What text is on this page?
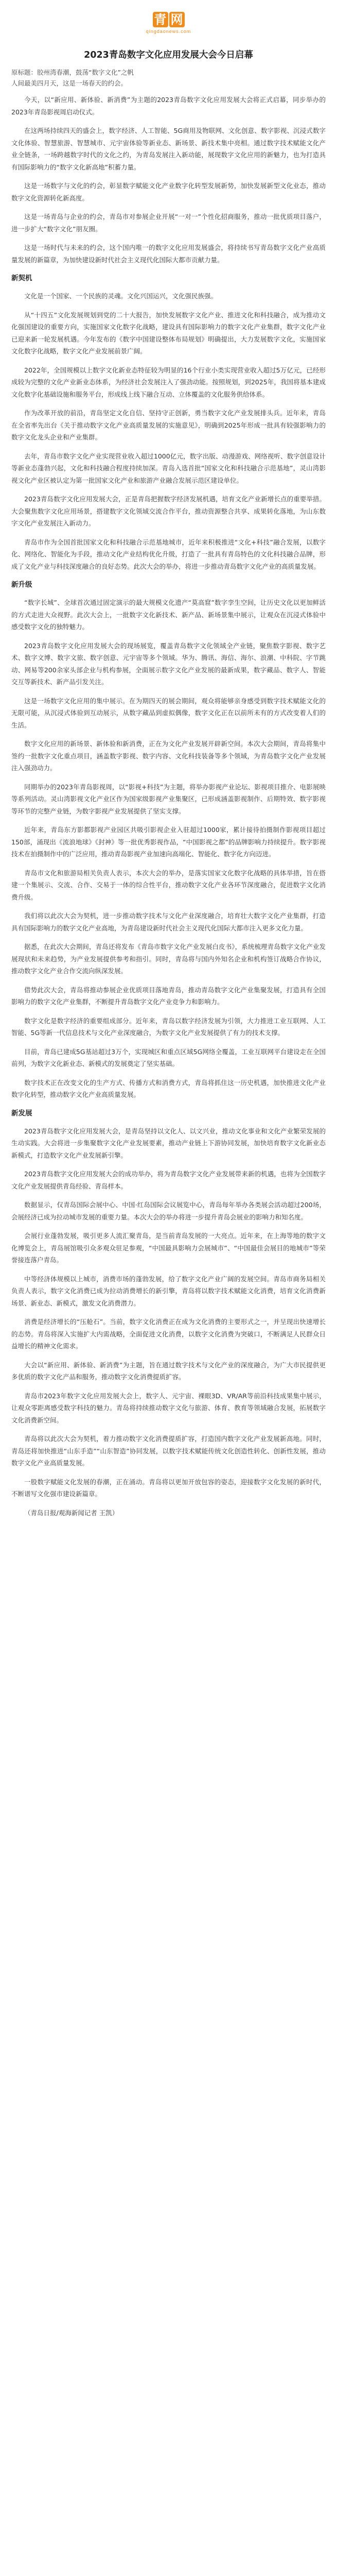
青 网
qingdaonews.com
2023青岛数字文化应用发展大会今日启幕
原标题：胶州湾春潮，鼓荡“数字文化”之帆
人间最美四月天，这是一场春天的约会。

今天，以“新应用、新体验、新消费”为主题的2023青岛数字文化应用发展大会将正式启幕，同步举办的2023年青岛影视周启动仪式。

在这两场持续四天的盛会上，数字经济、人工智能、5G商用及物联网、文化创意、数字影视、沉浸式数字文化体验、智慧旅游、智慧城市、元宇宙体验等新业态、新场景、新技术集中亮相。通过数字技术赋能文化产业全链条，一场跨越数字时代的文化之约，为青岛发展注入新动能，展现数字文化应用的新魅力，也为打造具有国际影响力的“数字文化新高地”积蓄力量。

这是一场数字与文化的约会，彰显数字赋能文化产业数字化转型发展新势，加快发展新型文化业态，推动数字文化资源转化新高度。

这是一场青岛与企业的约会，青岛市对参展企业开展“一对一”个性化招商服务，推动一批优质项目落户，进一步扩大“数字文化”朋友圈。

这是一场时代与未来的约会，这个国内唯一的数字文化应用发展盛会，将持续书写青岛数字文化产业高质量发展的新篇章，为加快建设新时代社会主义现代化国际大都市贡献力量。

新契机

文化是一个国家、一个民族的灵魂。文化兴国运兴，文化强民族强。

从“十四五”文化发展规划到党的二十大报告，加快发展数字文化产业、推进文化和科技融合，成为推动文化强国建设的重要方向，实施国家文化数字化战略，建设具有国际影响力的数字文化产业集群，数字文化产业已迎来新一轮发展机遇。今年发布的《数字中国建设整体布局规划》明确提出，大力发展数字文化，实施国家文化数字化战略，数字文化产业发展前景广阔。

2022年，全国规模以上数字文化新业态特征较为明显的16个行业小类实现营业收入超过5万亿元，已经形成较为完整的文化产业新业态体系，为经济社会发展注入了强劲动能。按照规划，到2025年，我国将基本建成文化数字化基础设施和服务平台，形成线上线下融合互动、立体覆盖的文化服务供给体系。

作为改革开放的前沿，青岛坚定文化自信、坚持守正创新，勇当数字文化产业发展排头兵。近年来，青岛在全省率先出台《关于推动数字文化产业高质量发展的实施意见》，明确到2025年形成一批具有较强影响力的数字文化龙头企业和产业集群。

去年，青岛市数字文化产业实现营业收入超过1000亿元，数字出版、动漫游戏、网络视听、数字创意设计等新业态蓬勃兴起，文化和科技融合程度持续加深。青岛入选首批“国家文化和科技融合示范基地”，灵山湾影视文化产业区被认定为第一批国家文化产业和旅游产业融合发展示范区建设单位。

2023青岛数字文化应用发展大会，正是青岛把握数字经济发展机遇，培育文化产业新增长点的重要举措。大会聚焦数字文化应用场景，搭建数字文化领域交流合作平台，推动资源整合共享、成果转化落地，为山东数字文化产业发展注入新动力。

青岛市作为全国首批国家文化和科技融合示范基地城市，近年来积极推进“文化+科技”融合发展，以数字化、网络化、智能化为手段，推动文化产业结构优化升级，打造了一批具有青岛特色的文化科技融合品牌，形成了文化产业与科技深度融合的良好态势。此次大会的举办，将进一步推动青岛数字文化产业的高质量发展。

新升级

“数字长城”、全球首次通过固定演示的最大规模文化遗产“莫高窟”数字孪生空间，让历史文化以更加鲜活的方式走进大众视野。此次大会上，一批数字文化新技术、新产品、新场景集中展示，让观众在沉浸式体验中感受数字文化的独特魅力。

2023青岛数字文化应用发展大会的现场展览，覆盖青岛数字文化领域全产业链，聚焦数字影视、数字艺术、数字文博、数字文旅、数字创意、元宇宙等多个领域。华为、腾讯、海信、海尔、浪潮、中科院、字节跳动、网易等200余家头部企业与机构参展，全面展示数字文化产业发展的最新成果，数字藏品、数字人、智能交互等新技术、新产品引发关注。

这是一场数字文化应用的集中展示。在为期四天的展会期间，观众将能够亲身感受到数字技术赋能文化的无限可能，从沉浸式体验到互动展示，从数字藏品到虚拟偶像，数字文化正在以前所未有的方式改变着人们的生活。

数字文化应用的新场景、新体验和新消费，正在为文化产业发展开辟新空间。本次大会期间，青岛将集中签约一批数字文化重点项目，涵盖数字影视、数字内容、文化科技装备等多个领域，为青岛数字文化产业发展注入强劲动力。

同期举办的2023年青岛影视周，以“影视+科技”为主题，将举办影视产业论坛、影视项目推介、电影展映等系列活动。灵山湾影视文化产业区作为国家级影视产业集聚区，已形成涵盖影视制作、后期特效、数字影视等环节的完整产业链，为数字影视产业发展提供了坚实支撑。

近年来，青岛东方影都影视产业园区共吸引影视企业入驻超过1000家，累计接待拍摄制作影视项目超过150部，涌现出《流浪地球》《封神》等一批优秀影视作品，“中国影视之都”的品牌影响力持续提升。数字影视技术在拍摄制作中的广泛应用，推动青岛影视产业加速向高端化、智能化、数字化方向迈进。

青岛市文化和旅游局相关负责人表示，本次大会的举办，是落实国家文化数字化战略的具体举措，旨在搭建一个集展示、交流、合作、交易于一体的综合性平台，推动数字文化产业各环节深度融合，促进数字文化消费升级。

我们将以此次大会为契机，进一步推动数字技术与文化产业深度融合，培育壮大数字文化产业集群，打造具有国际影响力的数字文化产业高地，为青岛建设新时代社会主义现代化国际大都市注入更多文化力量。

据悉，在此次大会期间，青岛还将发布《青岛市数字文化产业发展白皮书》，系统梳理青岛数字文化产业发展现状和未来趋势，为产业发展提供参考和指引。同时，青岛将与国内外知名企业和机构签订战略合作协议，推动数字文化产业合作交流向纵深发展。

借势此次大会，青岛将推动参展企业优质项目落地青岛，推动青岛数字文化产业集聚发展，打造具有全国影响力的数字文化产业集群，不断提升青岛数字文化产业竞争力和影响力。

数字文化是数字经济的重要组成部分。近年来，青岛以数字经济发展为引领，大力推进工业互联网、人工智能、5G等新一代信息技术与文化产业深度融合，为数字文化产业发展提供了有力的技术支撑。

目前，青岛已建成5G基站超过3万个，实现城区和重点区域5G网络全覆盖，工业互联网平台建设走在全国前列，为数字文化新业态、新模式的发展奠定了坚实基础。

数字技术正在改变文化的生产方式、传播方式和消费方式，青岛将抓住这一历史机遇，加快推进文化产业数字化转型，推动数字文化产业高质量发展。

新发展

2023青岛数字文化应用发展大会，是青岛坚持以文化人、以文兴业，推动文化事业和文化产业繁荣发展的生动实践。大会将进一步集聚数字文化产业发展要素，推动产业链上下游协同发展，加快培育数字文化新业态新模式，打造数字文化产业发展新引擎。

2023青岛数字文化应用发展大会的成功举办，将为青岛数字文化产业发展带来新的机遇，也将为全国数字文化产业发展提供青岛经验、青岛样本。

数据显示，仅青岛国际会展中心、中国·红岛国际会议展览中心，青岛每年举办各类展会活动超过200场，会展经济已成为拉动城市发展的重要力量。本次大会的举办将进一步提升青岛会展业的影响力和知名度。

会展行业蓬勃发展，吸引更多人流汇聚青岛，是当前青岛发展的一大亮点。近年来，在上海等地的数字文化博览会上，青岛展馆吸引众多观众驻足参观，“中国最具影响力会展城市”、“中国最佳会展目的地城市”等荣誉接连落户青岛。

中等经济体规模以上城市，消费市场的蓬勃发展，给了数字文化产业广阔的发展空间。青岛市商务局相关负责人表示，数字文化消费已成为拉动消费增长的新引擎，青岛将以数字技术赋能文化消费，培育文化消费新场景、新业态、新模式，激发文化消费潜力。

消费是经济增长的“压舱石”。当前，数字文化消费正在成为文化消费的主要形式之一，并呈现出快速增长的态势。青岛将深入实施扩大内需战略，全面促进文化消费，以数字文化消费为突破口，不断满足人民群众日益增长的精神文化需求。

大会以“新应用、新体验、新消费”为主题，旨在通过数字技术与文化产业的深度融合，为广大市民提供更多优质的数字文化产品和服务，推动数字文化消费提质扩容。

青岛市2023年数字文化应用发展大会上，数字人、元宇宙、裸眼3D、VR/AR等前沿科技成果集中展示，让观众零距离感受数字科技的魅力。青岛将持续推动数字文化与旅游、体育、教育等领域融合发展，拓展数字文化消费新空间。

青岛将以此次大会为契机，着力推动数字文化消费提质扩容，打造国内数字文化产业发展新高地。同时，青岛还将加快推进“山东手造”“山东智造”协同发展，以数字技术赋能传统文化创造性转化、创新性发展，推动数字文化产业高质量发展。

一股数字赋能文化发展的春潮，正在涌动。青岛将以更加开放包容的姿态，迎接数字文化发展的新时代，不断谱写文化强市建设新篇章。

（青岛日报/观海新闻记者 王凯）
